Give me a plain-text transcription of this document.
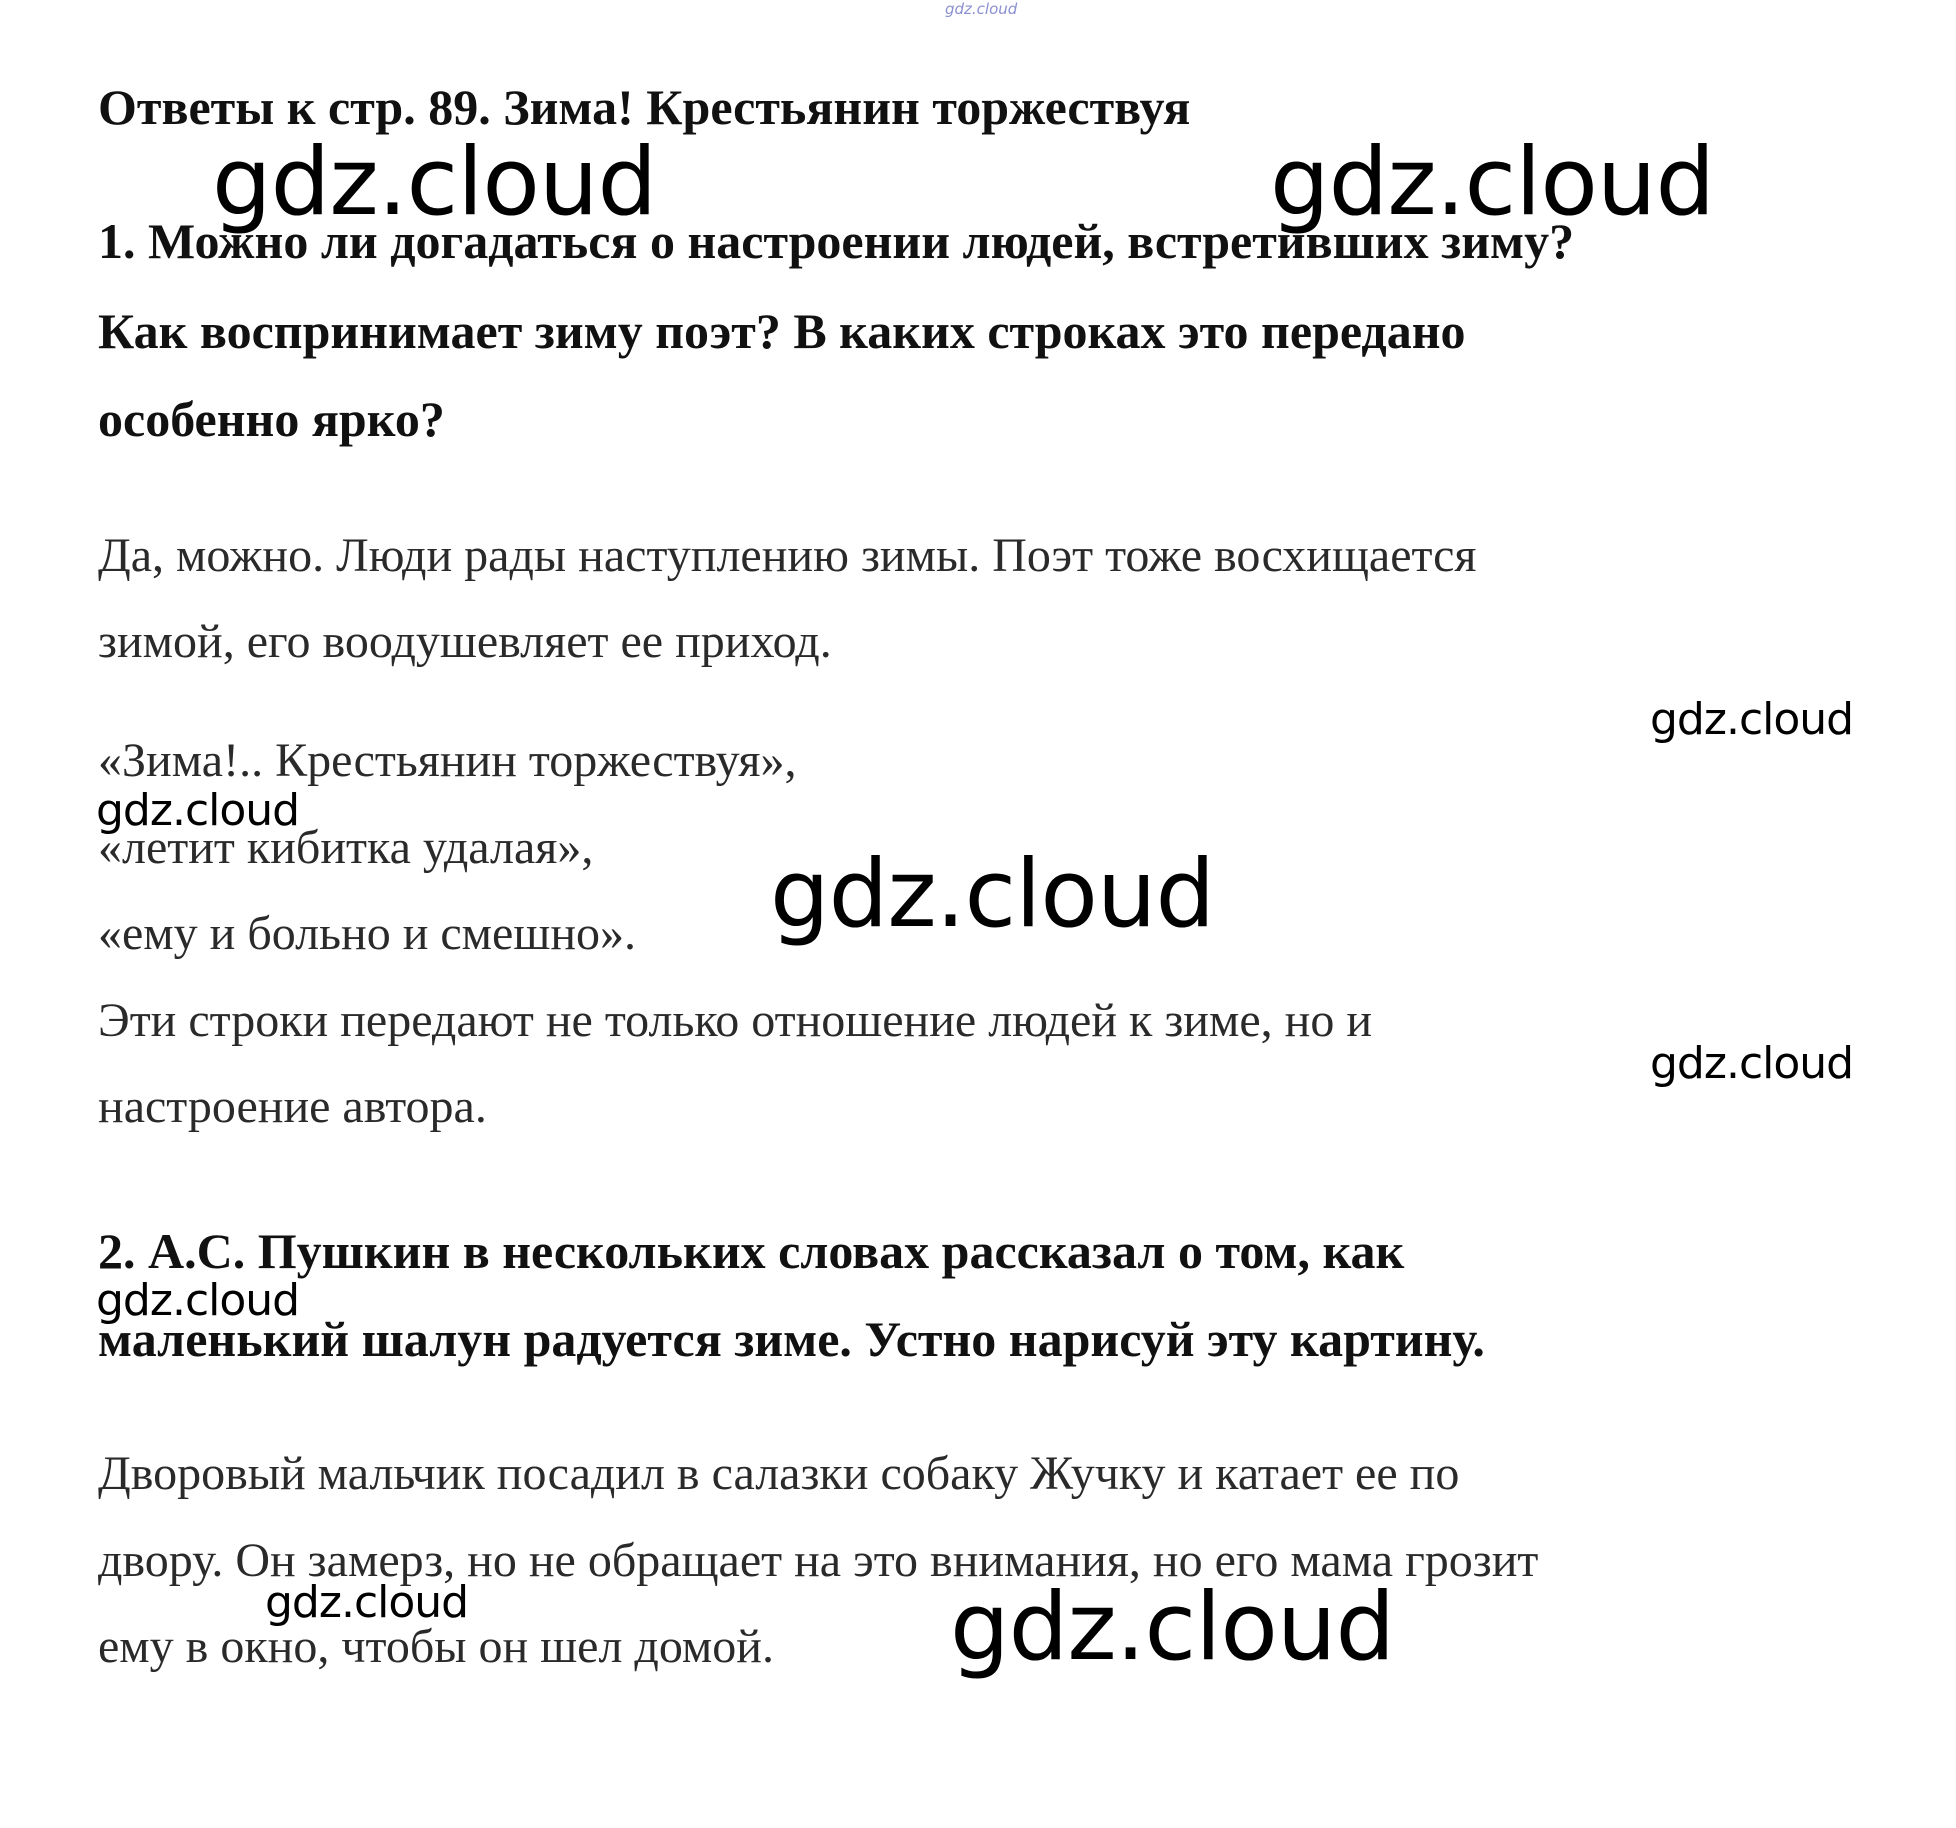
gdz.cloud
Ответы к стр. 89. Зима! Крестьянин торжествуя

1. Можно ли догадаться о настроении людей, встретивших зиму?

Как воспринимает зиму поэт? В каких строках это передано

особенно ярко?

Да, можно. Люди рады наступлению зимы. Поэт тоже восхищается

зимой, его воодушевляет ее приход.

«Зима!.. Крестьянин торжествуя»,

«летит кибитка удалая»,

«ему и больно и смешно».

Эти строки передают не только отношение людей к зиме, но и

настроение автора.

2. А.С. Пушкин в нескольких словах рассказал о том, как

маленький шалун радуется зиме. Устно нарисуй эту картину.

Дворовый мальчик посадил в салазки собаку Жучку и катает ее по

двору. Он замерз, но не обращает на это внимания, но его мама грозит

ему в окно, чтобы он шел домой.

gdz.cloud	gdz.cloud
gdz.cloud
gdz.cloud
gdz.cloud
gdz.cloud
gdz.cloud
gdz.cloud	gdz.cloud
